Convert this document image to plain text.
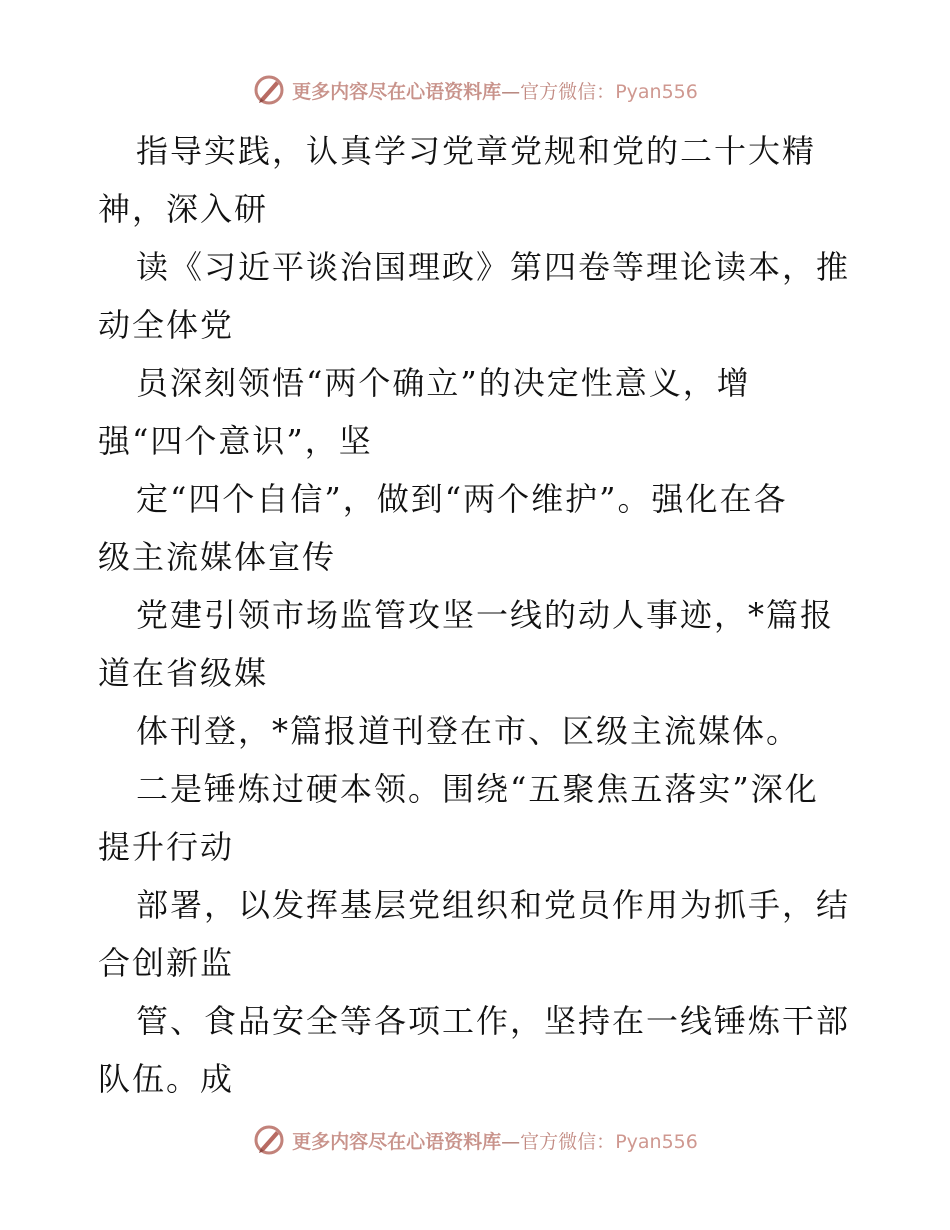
更多内容尽在心语资料库—官方微信：Pyan556
指导实践，认真学习党章党规和党的二十大精
神，深入研
读《习近平谈治国理政》第四卷等理论读本，推
动全体党
员深刻领悟“两个确立”的决定性意义，增
强“四个意识”，坚
定“四个自信”，做到“两个维护”。强化在各
级主流媒体宣传
党建引领市场监管攻坚一线的动人事迹，*篇报
道在省级媒
体刊登，*篇报道刊登在市、区级主流媒体。
二是锤炼过硬本领。围绕“五聚焦五落实”深化
提升行动
部署，以发挥基层党组织和党员作用为抓手，结
合创新监
管、食品安全等各项工作，坚持在一线锤炼干部
队伍。成
更多内容尽在心语资料库—官方微信：Pyan556
